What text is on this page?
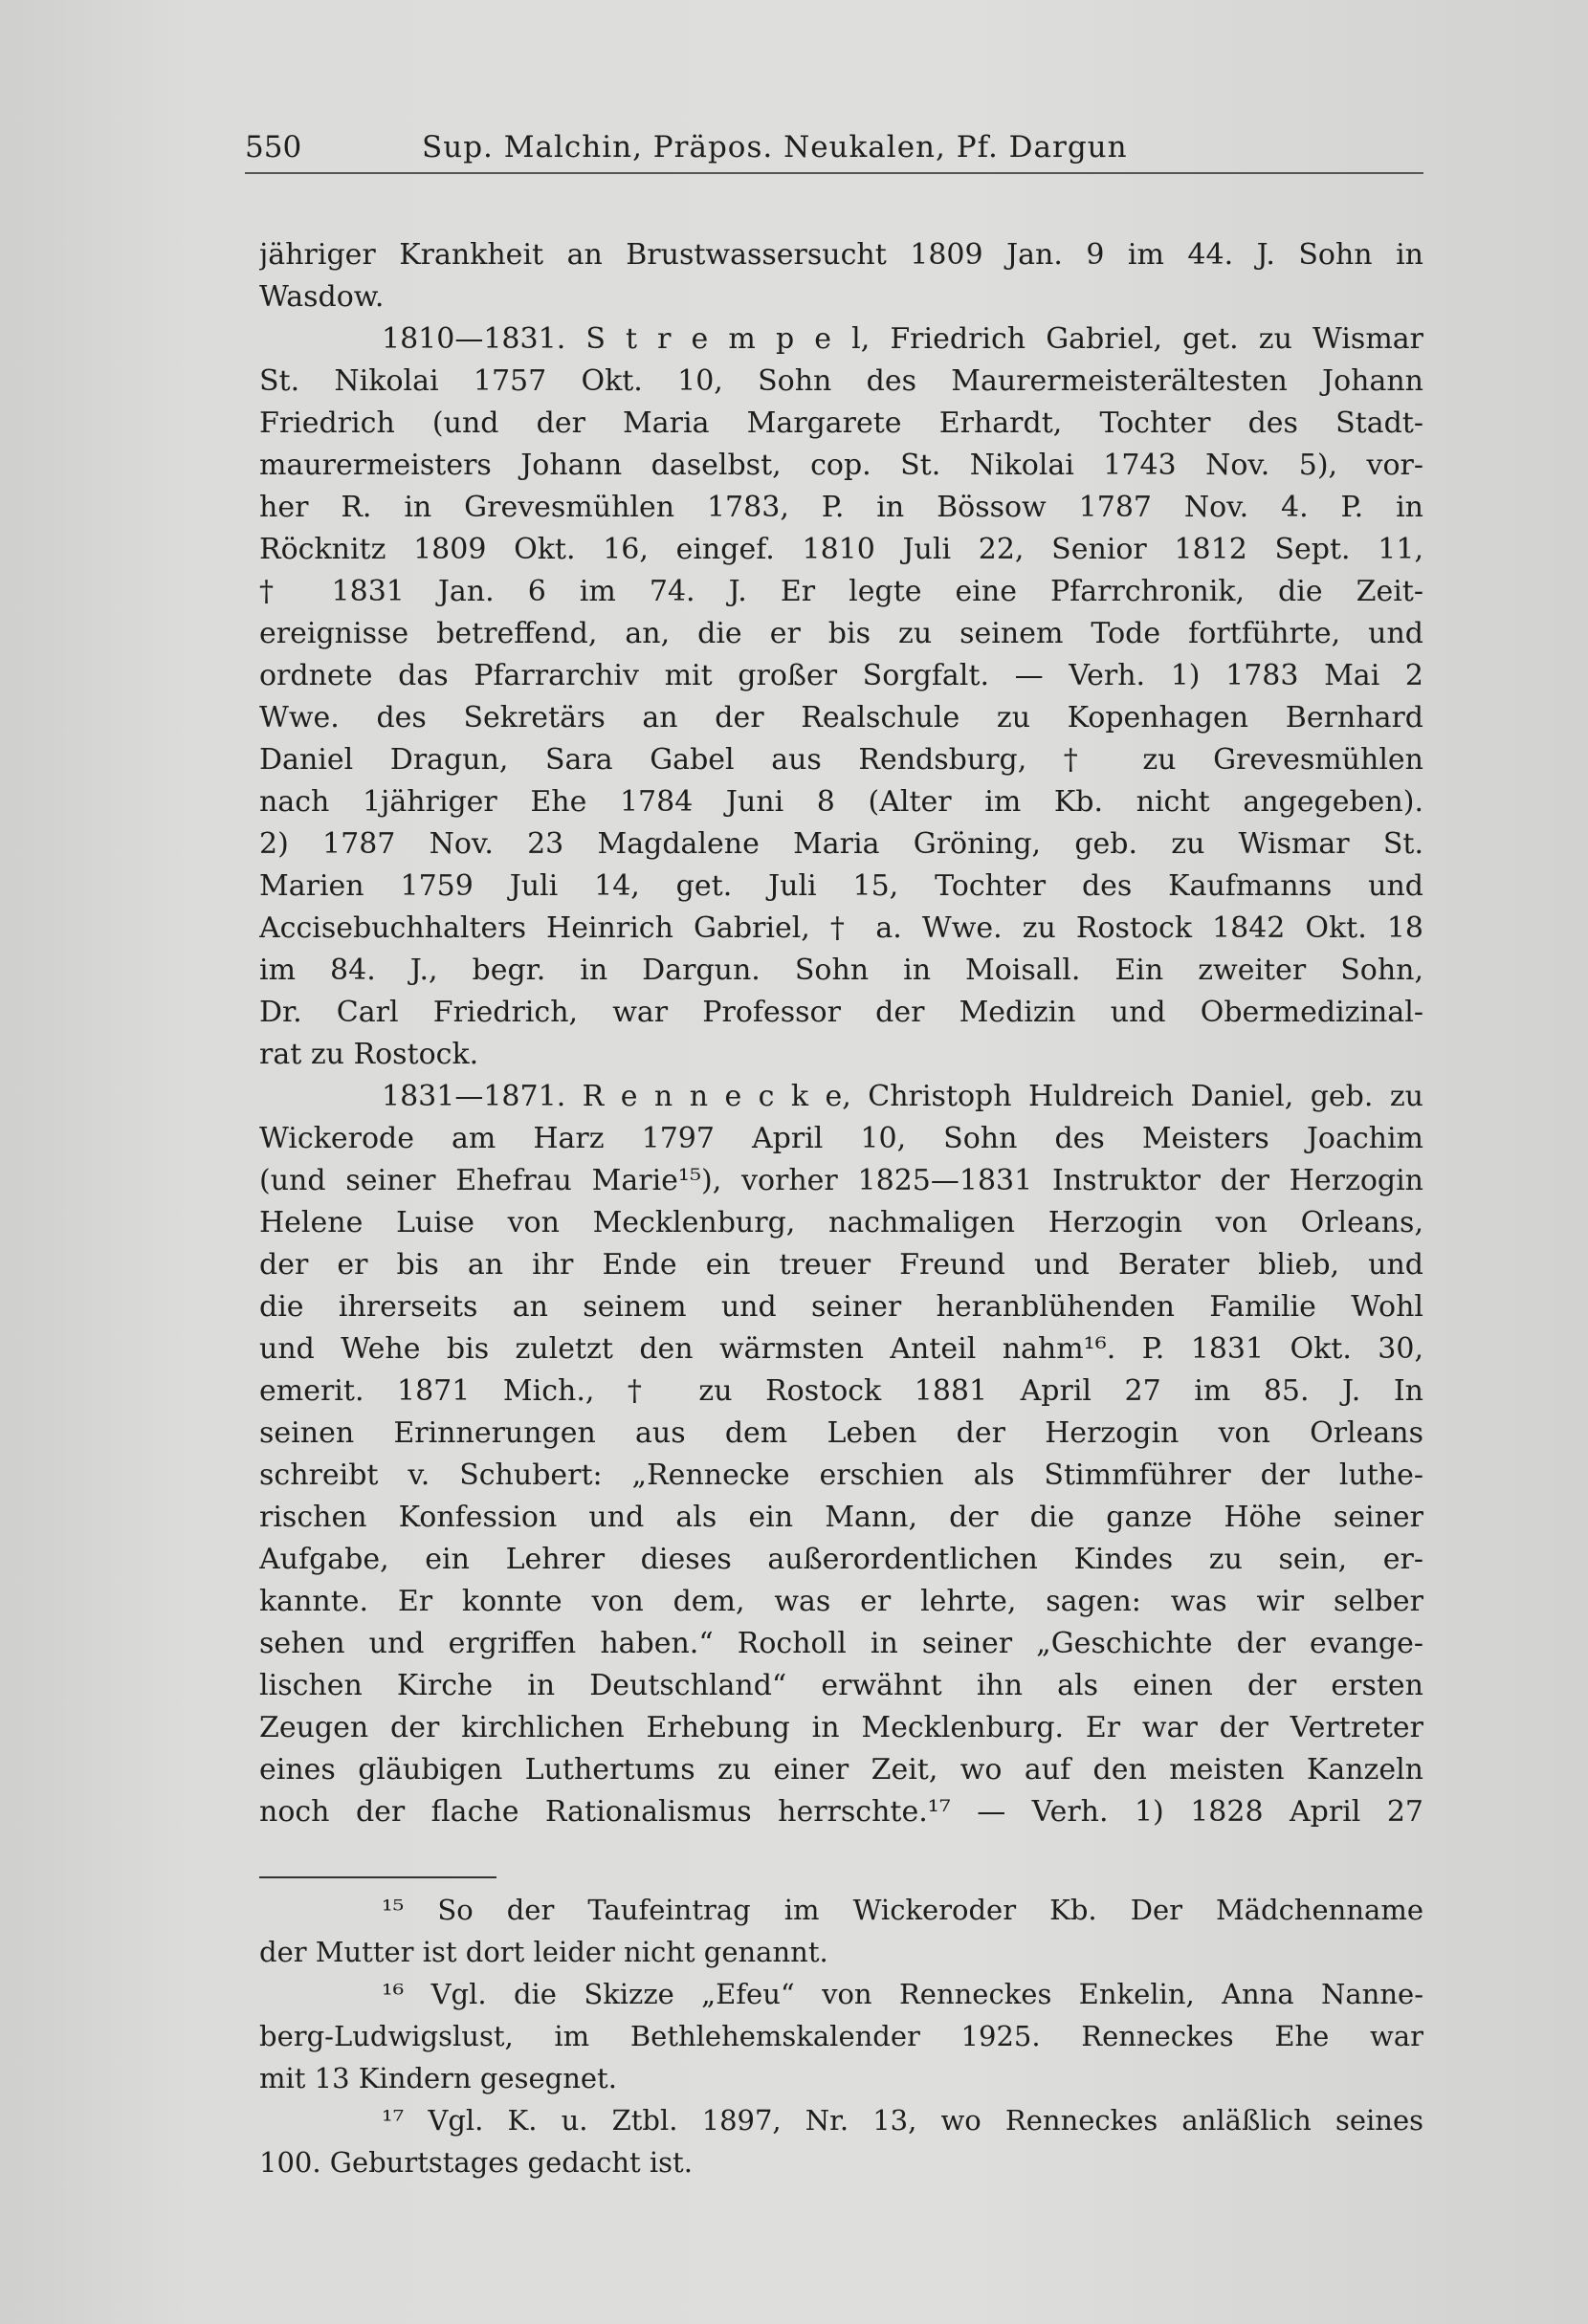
550	Sup. Malchin, Präpos. Neukalen, Pf. Dargun
jähriger Krankheit an Brustwassersucht 1809 Jan. 9 im 44. J. Sohn in
Wasdow.
1810—1831. S t r e m p e l, Friedrich Gabriel, get. zu Wismar
St. Nikolai 1757 Okt. 10, Sohn des Maurermeisterältesten Johann
Friedrich (und der Maria Margarete Erhardt, Tochter des Stadt-
maurermeisters Johann daselbst, cop. St. Nikolai 1743 Nov. 5), vor-
her R. in Grevesmühlen 1783, P. in Bössow 1787 Nov. 4. P. in
Röcknitz 1809 Okt. 16, eingef. 1810 Juli 22, Senior 1812 Sept. 11,
† 1831 Jan. 6 im 74. J. Er legte eine Pfarrchronik, die Zeit-
ereignisse betreffend, an, die er bis zu seinem Tode fortführte, und
ordnete das Pfarrarchiv mit großer Sorgfalt. — Verh. 1) 1783 Mai 2
Wwe. des Sekretärs an der Realschule zu Kopenhagen Bernhard
Daniel Dragun, Sara Gabel aus Rendsburg, † zu Grevesmühlen
nach 1jähriger Ehe 1784 Juni 8 (Alter im Kb. nicht angegeben).
2) 1787 Nov. 23 Magdalene Maria Gröning, geb. zu Wismar St.
Marien 1759 Juli 14, get. Juli 15, Tochter des Kaufmanns und
Accisebuchhalters Heinrich Gabriel, † a. Wwe. zu Rostock 1842 Okt. 18
im 84. J., begr. in Dargun. Sohn in Moisall. Ein zweiter Sohn,
Dr. Carl Friedrich, war Professor der Medizin und Obermedizinal-
rat zu Rostock.
1831—1871. R e n n e c k e, Christoph Huldreich Daniel, geb. zu
Wickerode am Harz 1797 April 10, Sohn des Meisters Joachim
(und seiner Ehefrau Marie¹⁵), vorher 1825—1831 Instruktor der Herzogin
Helene Luise von Mecklenburg, nachmaligen Herzogin von Orleans,
der er bis an ihr Ende ein treuer Freund und Berater blieb, und
die ihrerseits an seinem und seiner heranblühenden Familie Wohl
und Wehe bis zuletzt den wärmsten Anteil nahm¹⁶. P. 1831 Okt. 30,
emerit. 1871 Mich., † zu Rostock 1881 April 27 im 85. J. In
seinen Erinnerungen aus dem Leben der Herzogin von Orleans
schreibt v. Schubert: „Rennecke erschien als Stimmführer der luthe-
rischen Konfession und als ein Mann, der die ganze Höhe seiner
Aufgabe, ein Lehrer dieses außerordentlichen Kindes zu sein, er-
kannte. Er konnte von dem, was er lehrte, sagen: was wir selber
sehen und ergriffen haben.“ Rocholl in seiner „Geschichte der evange-
lischen Kirche in Deutschland“ erwähnt ihn als einen der ersten
Zeugen der kirchlichen Erhebung in Mecklenburg. Er war der Vertreter
eines gläubigen Luthertums zu einer Zeit, wo auf den meisten Kanzeln
noch der flache Rationalismus herrschte.¹⁷ — Verh. 1) 1828 April 27
¹⁵ So der Taufeintrag im Wickeroder Kb. Der Mädchenname
der Mutter ist dort leider nicht genannt.
¹⁶ Vgl. die Skizze „Efeu“ von Renneckes Enkelin, Anna Nanne-
berg-Ludwigslust, im Bethlehemskalender 1925. Renneckes Ehe war
mit 13 Kindern gesegnet.
¹⁷ Vgl. K. u. Ztbl. 1897, Nr. 13, wo Renneckes anläßlich seines
100. Geburtstages gedacht ist.
